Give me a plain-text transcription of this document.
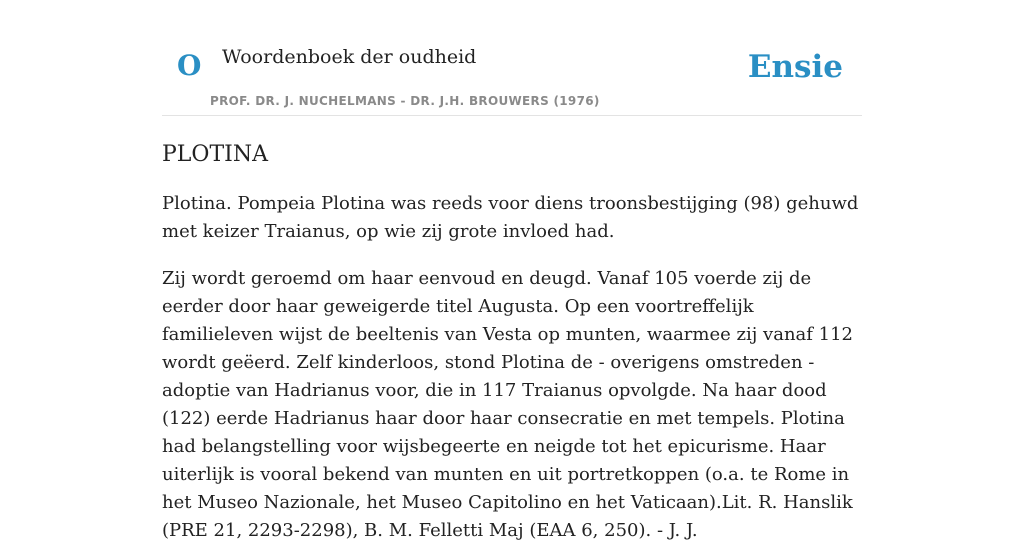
O Woordenboek der oudheid
PROF. DR. J. NUCHELMANS - DR. J.H. BROUWERS (1976)
Ensie
PLOTINA

Plotina. Pompeia Plotina was reeds voor diens troonsbestijging (98) gehuwd met keizer Traianus, op wie zij grote invloed had.

Zij wordt geroemd om haar eenvoud en deugd. Vanaf 105 voerde zij de eerder door haar geweigerde titel Augusta. Op een voortreffelijk familieleven wijst de beeltenis van Vesta op munten, waarmee zij vanaf 112 wordt geëerd. Zelf kinderloos, stond Plotina de - overigens omstreden - adoptie van Hadrianus voor, die in 117 Traianus opvolgde. Na haar dood (122) eerde Hadrianus haar door haar consecratie en met tempels. Plotina had belangstelling voor wijsbegeerte en neigde tot het epicurisme. Haar uiterlijk is vooral bekend van munten en uit portretkoppen (o.a. te Rome in het Museo Nazionale, het Museo Capitolino en het Vaticaan).Lit. R. Hanslik (PRE 21, 2293-2298), B. M. Felletti Maj (EAA 6, 250). - J. J.
